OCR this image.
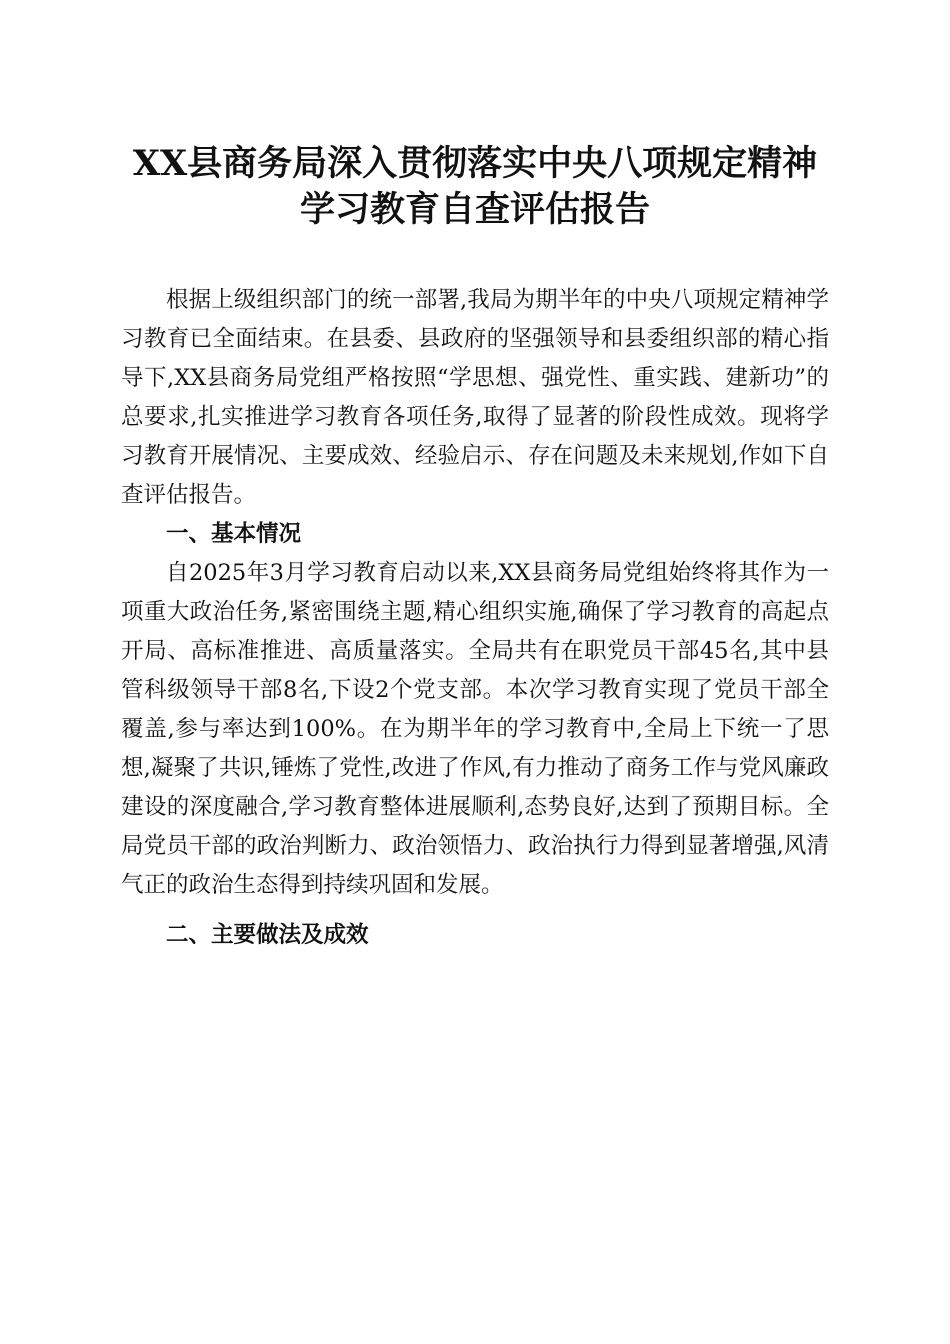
XX县商务局深入贯彻落实中央八项规定精神
学习教育自查评估报告

根据上级组织部门的统一部署,我局为期半年的中央八项规定精神学习教育已全面结束。在县委、县政府的坚强领导和县委组织部的精心指导下,XX县商务局党组严格按照“学思想、强党性、重实践、建新功”的总要求,扎实推进学习教育各项任务,取得了显著的阶段性成效。现将学习教育开展情况、主要成效、经验启示、存在问题及未来规划,作如下自查评估报告。

一、基本情况

自2025年3月学习教育启动以来,XX县商务局党组始终将其作为一项重大政治任务,紧密围绕主题,精心组织实施,确保了学习教育的高起点开局、高标准推进、高质量落实。全局共有在职党员干部45名,其中县管科级领导干部8名,下设2个党支部。本次学习教育实现了党员干部全覆盖,参与率达到100%。在为期半年的学习教育中,全局上下统一了思想,凝聚了共识,锤炼了党性,改进了作风,有力推动了商务工作与党风廉政建设的深度融合,学习教育整体进展顺利,态势良好,达到了预期目标。全局党员干部的政治判断力、政治领悟力、政治执行力得到显著增强,风清气正的政治生态得到持续巩固和发展。

二、主要做法及成效
